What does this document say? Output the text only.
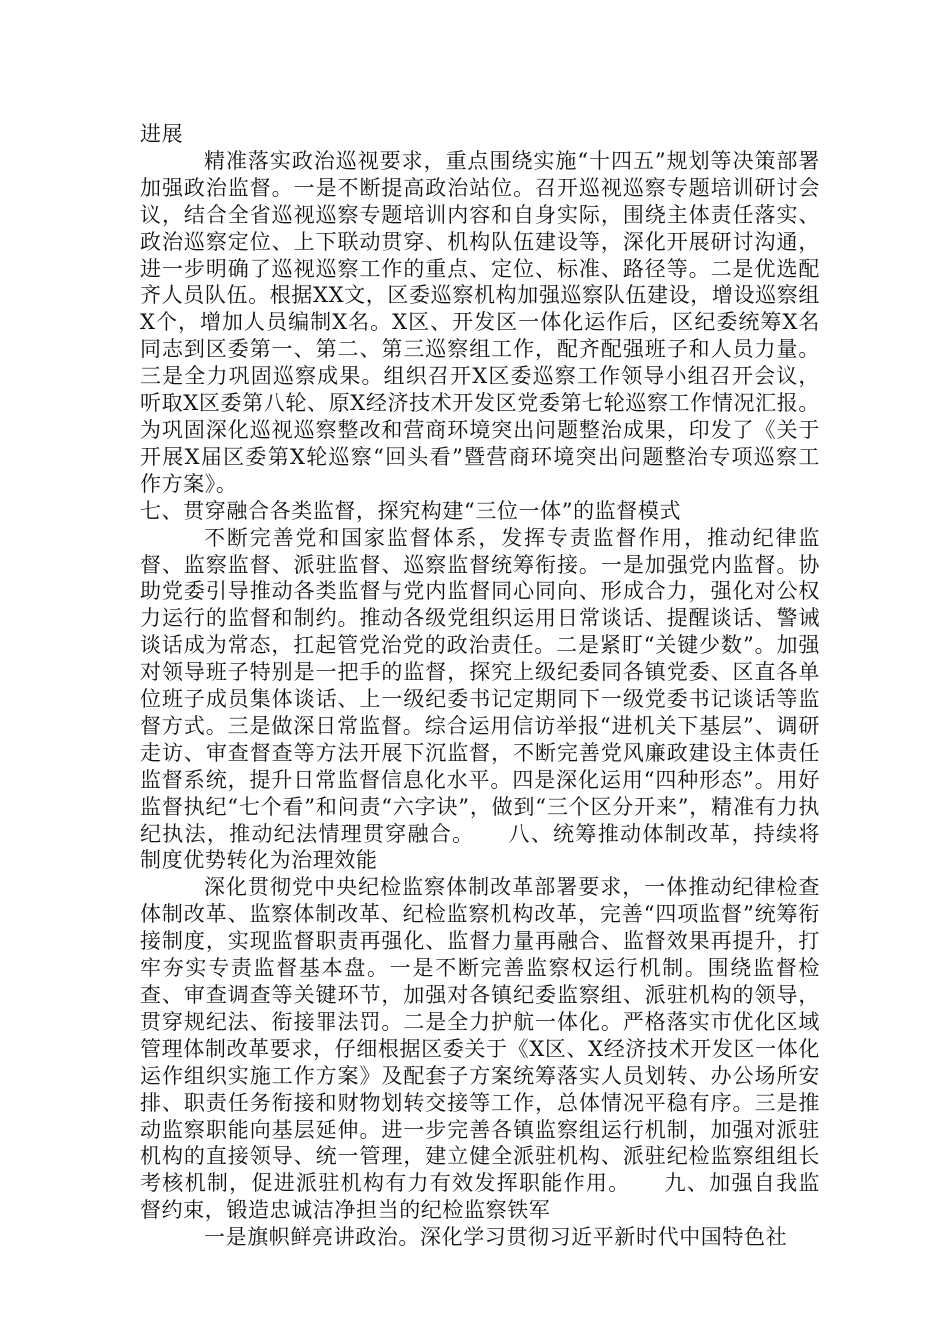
进展

精准落实政治巡视要求，重点围绕实施“十四五”规划等决策部署加强政治监督。一是不断提高政治站位。召开巡视巡察专题培训研讨会议，结合全省巡视巡察专题培训内容和自身实际，围绕主体责任落实、政治巡察定位、上下联动贯穿、机构队伍建设等，深化开展研讨沟通，进一步明确了巡视巡察工作的重点、定位、标准、路径等。二是优选配齐人员队伍。根据XX文，区委巡察机构加强巡察队伍建设，增设巡察组X个，增加人员编制X名。X区、开发区一体化运作后，区纪委统筹X名同志到区委第一、第二、第三巡察组工作，配齐配强班子和人员力量。三是全力巩固巡察成果。组织召开X区委巡察工作领导小组召开会议，听取X区委第八轮、原X经济技术开发区党委第七轮巡察工作情况汇报。为巩固深化巡视巡察整改和营商环境突出问题整治成果，印发了《关于开展X届区委第X轮巡察“回头看”暨营商环境突出问题整治专项巡察工作方案》。

七、贯穿融合各类监督，探究构建“三位一体”的监督模式

不断完善党和国家监督体系，发挥专责监督作用，推动纪律监督、监察监督、派驻监督、巡察监督统筹衔接。一是加强党内监督。协助党委引导推动各类监督与党内监督同心同向、形成合力，强化对公权力运行的监督和制约。推动各级党组织运用日常谈话、提醒谈话、警诫谈话成为常态，扛起管党治党的政治责任。二是紧盯“关键少数”。加强对领导班子特别是一把手的监督，探究上级纪委同各镇党委、区直各单位班子成员集体谈话、上一级纪委书记定期同下一级党委书记谈话等监督方式。三是做深日常监督。综合运用信访举报“进机关下基层”、调研走访、审查督查等方法开展下沉监督，不断完善党风廉政建设主体责任监督系统，提升日常监督信息化水平。四是深化运用“四种形态”。用好监督执纪“七个看”和问责“六字诀”，做到“三个区分开来”，精准有力执纪执法，推动纪法情理贯穿融合。　　八、统筹推动体制改革，持续将制度优势转化为治理效能

深化贯彻党中央纪检监察体制改革部署要求，一体推动纪律检查体制改革、监察体制改革、纪检监察机构改革，完善“四项监督”统筹衔接制度，实现监督职责再强化、监督力量再融合、监督效果再提升，打牢夯实专责监督基本盘。一是不断完善监察权运行机制。围绕监督检查、审查调查等关键环节，加强对各镇纪委监察组、派驻机构的领导，贯穿规纪法、衔接罪法罚。二是全力护航一体化。严格落实市优化区域管理体制改革要求，仔细根据区委关于《X区、X经济技术开发区一体化运作组织实施工作方案》及配套子方案统筹落实人员划转、办公场所安排、职责任务衔接和财物划转交接等工作，总体情况平稳有序。三是推动监察职能向基层延伸。进一步完善各镇监察组运行机制，加强对派驻机构的直接领导、统一管理，建立健全派驻机构、派驻纪检监察组组长考核机制，促进派驻机构有力有效发挥职能作用。　　九、加强自我监督约束，锻造忠诚洁净担当的纪检监察铁军

一是旗帜鲜亮讲政治。深化学习贯彻习近平新时代中国特色社
